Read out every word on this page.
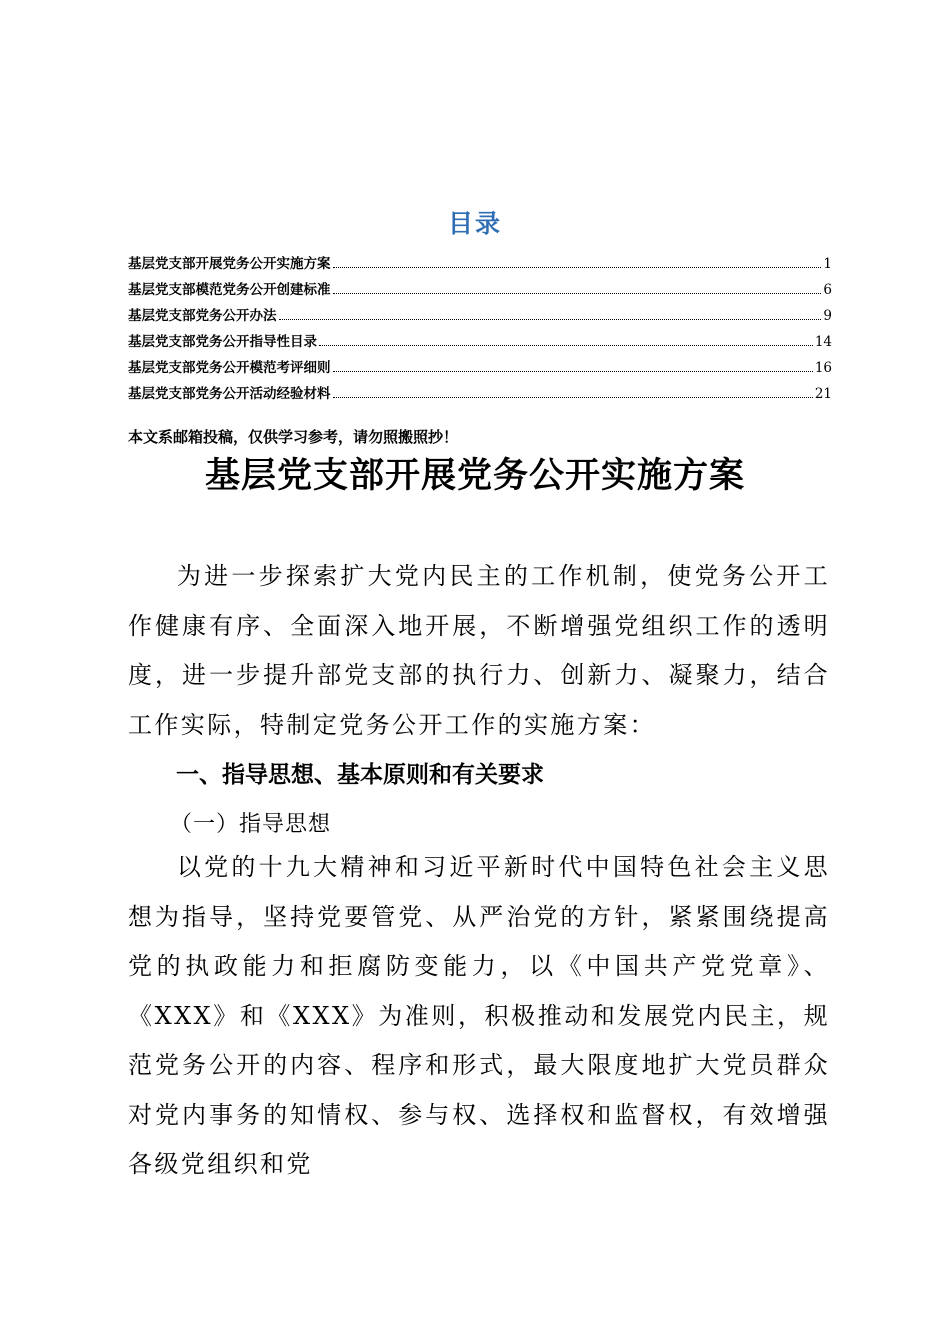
目录
基层党支部开展党务公开实施方案	1
基层党支部模范党务公开创建标准	6
基层党支部党务公开办法	9
基层党支部党务公开指导性目录	14
基层党支部党务公开模范考评细则	16
基层党支部党务公开活动经验材料	21
本文系邮箱投稿，仅供学习参考，请勿照搬照抄！
基层党支部开展党务公开实施方案
为进一步探索扩大党内民主的工作机制，使党务公开工作健康有序、全面深入地开展，不断增强党组织工作的透明度，进一步提升部党支部的执行力、创新力、凝聚力，结合工作实际，特制定党务公开工作的实施方案：
一、指导思想、基本原则和有关要求
（一）指导思想
以党的十九大精神和习近平新时代中国特色社会主义思想为指导，坚持党要管党、从严治党的方针，紧紧围绕提高党的执政能力和拒腐防变能力，以《中国共产党党章》、《XXX》和《XXX》为准则，积极推动和发展党内民主，规范党务公开的内容、程序和形式，最大限度地扩大党员群众对党内事务的知情权、参与权、选择权和监督权，有效增强各级党组织和党
